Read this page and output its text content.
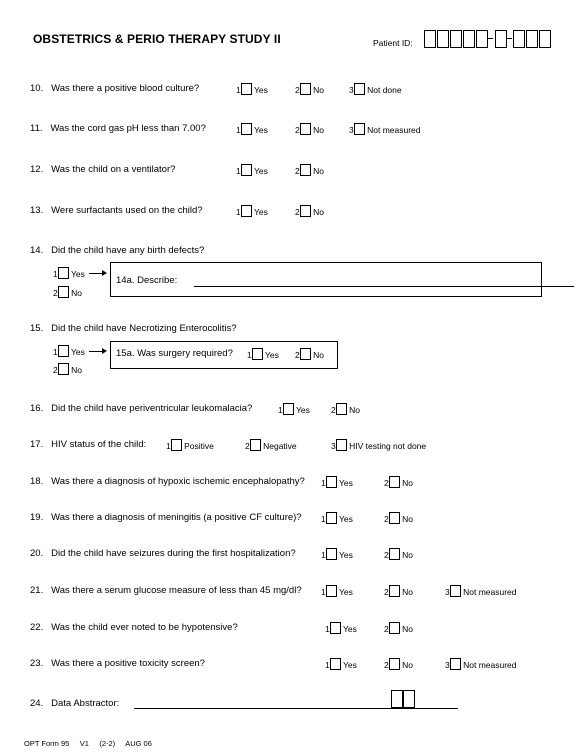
OBSTETRICS & PERIO THERAPY STUDY II	Patient ID:
10. Was there a positive blood culture?	1 Yes	2 No	3 Not done
11. Was the cord gas pH less than 7.00?	1 Yes	2 No	3 Not measured
12. Was the child on a ventilator?	1 Yes	2 No
13. Were surfactants used on the child?	1 Yes	2 No
14. Did the child have any birth defects?
1 Yes
2 No
14a. Describe:
15. Did the child have Necrotizing Enterocolitis?
1 Yes
2 No
15a. Was surgery required? 1 Yes 2 No
16. Did the child have periventricular leukomalacia?	1 Yes 2 No
17. HIV status of the child: 1 Positive	2 Negative	3 HIV testing not done
18. Was there a diagnosis of hypoxic ischemic encephalopathy? 1 Yes	2 No
19. Was there a diagnosis of meningitis (a positive CF culture)? 1 Yes	2 No
20. Did the child have seizures during the first hospitalization?	1 Yes	2 No
21. Was there a serum glucose measure of less than 45 mg/dl? 1 Yes	2 No	3 Not measured
22. Was the child ever noted to be hypotensive?	1 Yes	2 No
23. Was there a positive toxicity screen?	1 Yes	2 No	3 Not measured
24. Data Abstractor:
OPT Form 95 V1 (2-2) AUG 06
